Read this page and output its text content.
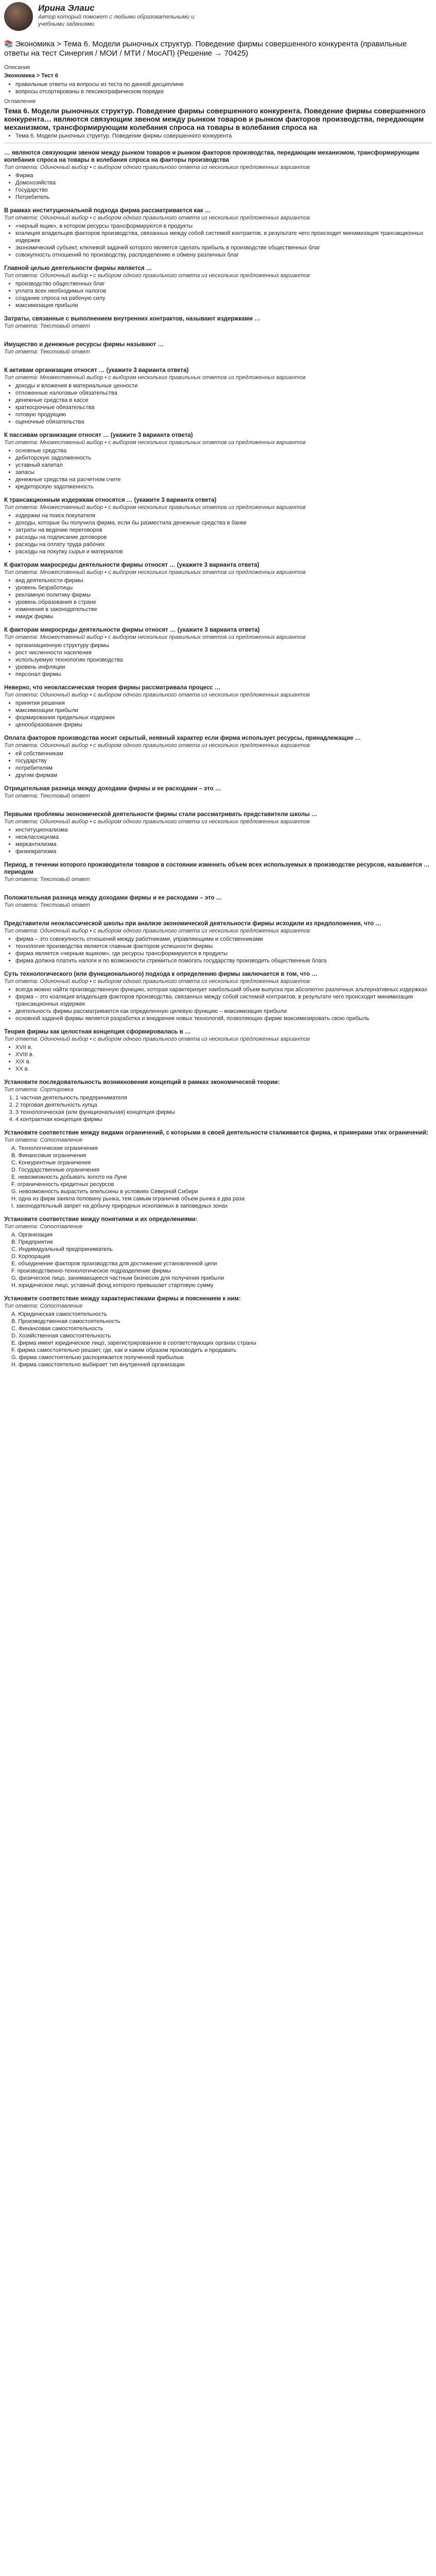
Ирина Элаис
Автор который поможет с любыми образовательными и учебными заданиями
📚 Экономика > Тема 6. Модели рыночных структур. Поведение фирмы совершенного конкурента (правильные ответы на тест Синергия / МОИ / МТИ / МосАП) (Решение → 70425)
Описание
Экономика > Тест 6
• правильные ответы на вопросы из теста по данной дисциплине
• вопросы отсортированы в лексикографическом порядке
Оглавление
Тема 6. Модели рыночных структур. Поведение фирмы совершенного конкурента. Поведение фирмы совершенного конкурента… являются связующим звеном между рынком товаров и рынком факторов производства, передающим механизмом, трансформирующим колебания спроса на товары в колебания спроса на
• Тема 6. Модели рыночных структур. Поведение фирмы совершенного конкурента
… являются связующим звеном между рынком товаров и рынком факторов производства, передающим механизмом, трансформирующим колебания спроса на товары в колебания спроса на факторы производства
Тип ответа: Одиночный выбор • с выбором одного правильного ответа из нескольких предложенных вариантов
• Фирма
• Домохозяйства
• Государство
• Потребитель
В рамках институциональной подхода фирма рассматривается как …
Тип ответа: Одиночный выбор • с выбором одного правильного ответа из нескольких предложенных вариантов
• «черный ящик», в котором ресурсы трансформируются в продукты
• коалиция владельцев факторов производства, связанных между собой системой контрактов, в результате чего происходит минимизация трансакционных издержек
• экономический субъект, ключевой задачей которого является сделать прибыль в производстве общественных благ
• совокупность отношений по производству, распределению и обмену различных благ
Главной целью деятельности фирмы является …
Тип ответа: Одиночный выбор • с выбором одного правильного ответа из нескольких предложенных вариантов
• производство общественных благ
• уплата всех необходимых налогов
• создание спроса на рабочую силу
• максимизация прибыли
Затраты, связанные с выполнением внутренних контрактов, называют издержками …
Тип ответа: Текстовый ответ
Имущество и денежные ресурсы фирмы называют …
Тип ответа: Текстовый ответ
К активам организации относят … (укажите 3 варианта ответа)
Тип ответа: Множественный выбор • с выбором нескольких правильных ответов из предложенных вариантов
• доходы и вложения в материальные ценности
• отложенные налоговые обязательства
• денежные средства в кассе
• краткосрочные обязательства
• готовую продукцию
• оценочные обязательства
К пассивам организации относят … (укажите 3 варианта ответа)
Тип ответа: Множественный выбор • с выбором нескольких правильных ответов из предложенных вариантов
• основные средства
• дебиторскую задолженность
• уставный капитал
• запасы
• денежные средства на расчетном счете
• кредиторскую задолженность
К трансакционным издержкам относятся … (укажите 3 варианта ответа)
Тип ответа: Множественный выбор • с выбором нескольких правильных ответов из предложенных вариантов
• издержки на поиск покупателя
• доходы, которые бы получила фирма, если бы разместила денежные средства в банке
• затраты на ведение переговоров
• расходы на подписание договоров
• расходы на оплату труда рабочих
• расходы на покупку сырья и материалов
К факторам макросреды деятельности фирмы относят … (укажите 3 варианта ответа)
Тип ответа: Множественный выбор • с выбором нескольких правильных ответов из предложенных вариантов
• вид деятельности фирмы
• уровень безработицы
• рекламную политику фирмы
• уровень образования в стране
• изменения в законодательстве
• имидж фирмы
К факторам микросреды деятельности фирмы относят … (укажите 3 варианта ответа)
Тип ответа: Множественный выбор • с выбором нескольких правильных ответов из предложенных вариантов
• организационную структуру фирмы
• рост численности населения
• используемую технологию производства
• уровень инфляции
• персонал фирмы
Неверно, что неоклассическая теория фирмы рассматривала процесс …
Тип ответа: Одиночный выбор • с выбором одного правильного ответа из нескольких предложенных вариантов
• принятия решения
• максимизации прибыли
• формирования предельных издержек
• ценообразования фирмы
Оплата факторов производства носит скрытый, неявный характер если фирма использует ресурсы, принадлежащие …
Тип ответа: Одиночный выбор • с выбором одного правильного ответа из нескольких предложенных вариантов
• ей собственникам
• государству
• потребителям
• другим фирмам
Отрицательная разница между доходами фирмы и ее расходами – это …
Тип ответа: Текстовый ответ
Первыми проблемы экономической деятельности фирмы стали рассматривать представители школы …
Тип ответа: Одиночный выбор • с выбором одного правильного ответа из нескольких предложенных вариантов
• институционализма
• неоклассицизма
• меркантилизма
• физиократизма
Период, в течении которого производители товаров в состоянии изменить объем всех используемых в производстве ресурсов, называется … периодом
Тип ответа: Текстовый ответ
Положительная разница между доходами фирмы и ее расходами – это …
Тип ответа: Текстовый ответ
Представители неоклассической школы при анализе экономической деятельности фирмы исходили из предположения, что …
Тип ответа: Одиночный выбор • с выбором одного правильного ответа из нескольких предложенных вариантов
• фирма – это совокупность отношений между работниками, управляющими и собственниками
• технология производства является главным фактором успешности фирмы
• фирма является «черным ящиком», где ресурсы трансформируются в продукты
• фирма должна платить налоги и по возможности стремиться помогать государству производить общественные блага
Суть технологического (или функционального) подхода к определению фирмы заключается в том, что …
Тип ответа: Одиночный выбор • с выбором одного правильного ответа из нескольких предложенных вариантов
• всегда можно найти производственную функцию, которая характеризует наибольший объем выпуска при абсолютно различных альтернативных издержках
• фирма – это коалиция владельцев факторов производства, связанных между собой системой контрактов, в результате чего происходит минимизация трансакционных издержек
• деятельность фирмы рассматривается как определенную целевую функцию – максимизация прибыли
• основной задачей фирмы является разработка и внедрение новых технологий, позволяющих фирме максимизировать свою прибыль
Теория фирмы как целостная концепция сформировалась в …
Тип ответа: Одиночный выбор • с выбором одного правильного ответа из нескольких предложенных вариантов
• XVII в.
• XVIII в.
• XIX в.
• XX в.
Установите последовательность возникновения концепций в рамках экономической теории:
Тип ответа: Сортировка
1. 1 частная деятельность предпринимателя
2. 2 торговая деятельность купца
3. 3 технологическая (или функциональная) концепция фирмы
4. 4 контрактная концепция фирмы
Установите соответствие между видами ограничений, с которыми в своей деятельности сталкивается фирма, и примерами этих ограничений:
Тип ответа: Сопоставление
A. Технологические ограничения
B. Финансовые ограничения
C. Конкурентные ограничения
D. Государственные ограничения
E. невозможность добывать золото на Луне
F. ограниченность кредитных ресурсов
G. невозможность вырастить апельсины в условиях Северной Сибири
H. одна из фирм заняла половину рынка, тем самым ограничив объем рынка в два раза
I. законодательный запрет на добычу природных ископаемых в заповедных зонах
Установите соответствие между понятиями и их определениями:
Тип ответа: Сопоставление
A. Организация
B. Предприятие
C. Индивидуальный предприниматель
D. Корпорация
E. объединение факторов производства для достижения установленной цели
F. производственно-технологическое подразделение фирмы
G. физическое лицо, занимающееся частным бизнесом для получения прибыли
H. юридическое лицо, уставный фонд которого превышает стартовую сумму
Установите соответствие между характеристиками фирмы и пояснением к ним:
Тип ответа: Сопоставление
A. Юридическая самостоятельность
B. Производственная самостоятельность
C. Финансовая самостоятельность
D. Хозяйственная самостоятельность
E. фирма имеет юридическое лицо, зарегистрированное в соответствующих органах страны
F. фирма самостоятельно решает, где, как и каким образом производить и продавать
G. фирма самостоятельно распоряжается полученной прибылью
H. фирма самостоятельно выбирает тип внутренней организации
